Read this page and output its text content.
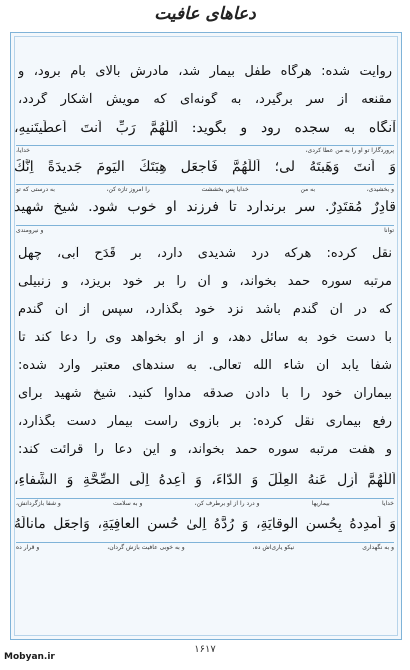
دعاهای عافیت
روایت شده: هرگاه طفل بیمار شد، مادرش بالای بام برود، و
مقنعه از سر برگیرد، به گونه‌ای که مویش آشکار گردد،
آنگاه به سجده رود و بگوید: اَللّٰهُمَّ رَبِّ اَنتَ اَعطَیتَنیهِ،
پروردگارا تو او را به من عطا کردی،
خدایا،
وَ اَنتَ وَهَبتَهُ لی؛ اَللّٰهُمَّ فَاجعَل هِبَتَكَ الیَومَ جَدیدَةً اِنَّكَ
و بخشیدی،
به من
خدایا پس بخششت
را امروز تازه کن،
به درستی که تو
قادِرٌ مُقتَدِرٌ. سر برندارد تا فرزند او خوب شود. شیخ شهید
توانا
و نیرومندی
نقل کرده: هرکه درد شدیدی دارد، بر قَدَح آبی، چهل
مرتبه سوره حمد بخواند، و آن را بر خود بریزد، و زنبیلی
که در آن گندم باشد نزد خود بگذارد، سپس از آن گندم
با دست خود به سائل دهد، و از او بخواهد وی را دعا کند تا
شفا یابد ان شاء الله تعالی. به سندهای معتبر وارد شده:
بیماران خود را با دادن صدقه مداوا کنید. شیخ شهید برای
رفع بیماری نقل کرده: بر بازوی راست بیمار دست بگذارد،
و هفت مرتبه سوره حمد بخواند، و این دعا را قرائت کند:
اَللّٰهُمَّ اَزِل عَنهُ العِلَلَ وَ الدّاءَ، وَ اَعِدهُ اِلَی الصِّحَّةِ وَ الشِّفاءِ،
خدایا
بیماریها
و درد را از او برطرف کن،
و به سلامت
و شفا بازگردانش،
وَ اَمدِدهُ بِحُسنِ الوِقايَةِ، وَ رُدَّهُ اِلیٰ حُسنِ العافِيَةِ، وَاجعَل مانالَهُ
و به نگهداری
نیکو یاری‌اش ده،
و به خوبی عافیت بازش گردان،
و قرار ده
۱۶۱۷
Mobyan.ir
